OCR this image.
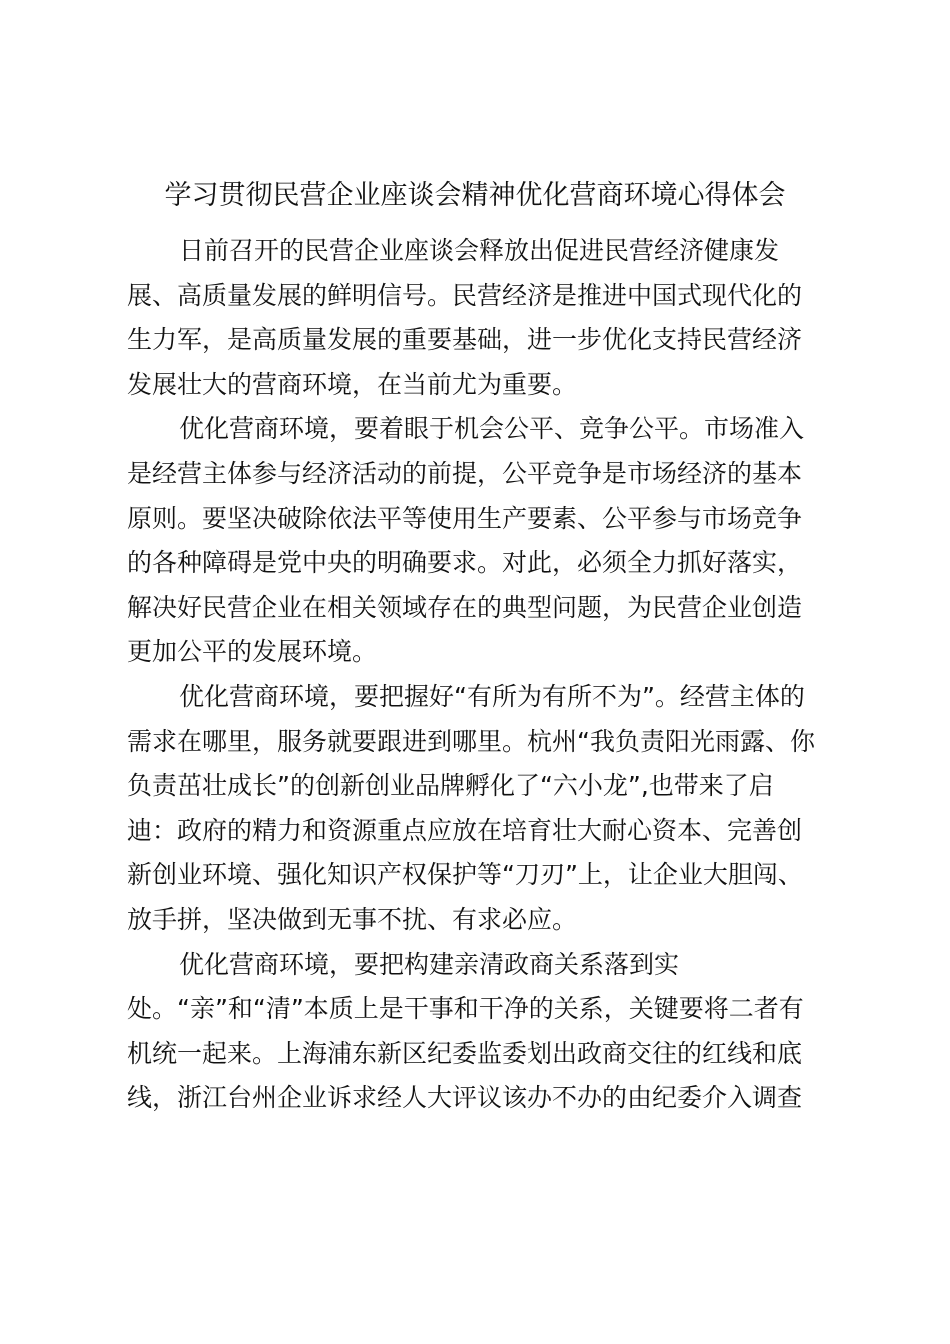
学习贯彻民营企业座谈会精神优化营商环境心得体会
日前召开的民营企业座谈会释放出促进民营经济健康发
展、高质量发展的鲜明信号。民营经济是推进中国式现代化的
生力军，是高质量发展的重要基础，进一步优化支持民营经济
发展壮大的营商环境，在当前尤为重要。
优化营商环境，要着眼于机会公平、竞争公平。市场准入
是经营主体参与经济活动的前提，公平竞争是市场经济的基本
原则。要坚决破除依法平等使用生产要素、公平参与市场竞争
的各种障碍是党中央的明确要求。对此，必须全力抓好落实，
解决好民营企业在相关领域存在的典型问题，为民营企业创造
更加公平的发展环境。
优化营商环境，要把握好“有所为有所不为”。经营主体的
需求在哪里，服务就要跟进到哪里。杭州“我负责阳光雨露、你
负责茁壮成长”的创新创业品牌孵化了“六小龙”,也带来了启
迪：政府的精力和资源重点应放在培育壮大耐心资本、完善创
新创业环境、强化知识产权保护等“刀刃”上，让企业大胆闯、
放手拼，坚决做到无事不扰、有求必应。
优化营商环境，要把构建亲清政商关系落到实
处。“亲”和“清”本质上是干事和干净的关系，关键要将二者有
机统一起来。上海浦东新区纪委监委划出政商交往的红线和底
线，浙江台州企业诉求经人大评议该办不办的由纪委介入调查
